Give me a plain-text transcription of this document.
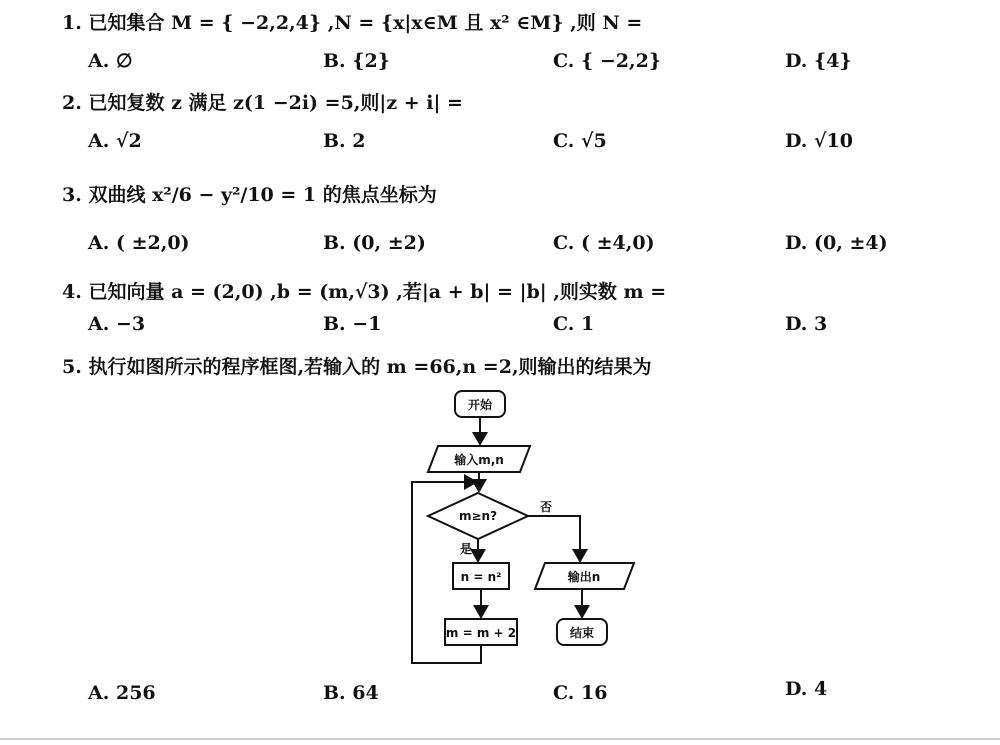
1. 已知集合 M = { −2,2,4} ,N = {x|x∈M 且 x² ∈M} ,则 N =
A. ∅	B. {2}	C. { −2,2}	D. {4}
2. 已知复数 z 满足 z(1 −2i) =5,则|z + i| =
A. √2	B. 2	C. √5	D. √10
3. 双曲线 x²/6 − y²/10 = 1 的焦点坐标为
A. ( ±2,0)	B. (0, ±2)	C. ( ±4,0)	D. (0, ±4)
4. 已知向量 a = (2,0) ,b = (m,√3) ,若|a + b| = |b| ,则实数 m =
A. −3	B. −1	C. 1	D. 3
5. 执行如图所示的程序框图,若输入的 m =66,n =2,则输出的结果为
开始
输入m,n
m≥n?
否
是
n = n²
m = m + 2
输出n
结束
A. 256	B. 64	C. 16	D. 4
